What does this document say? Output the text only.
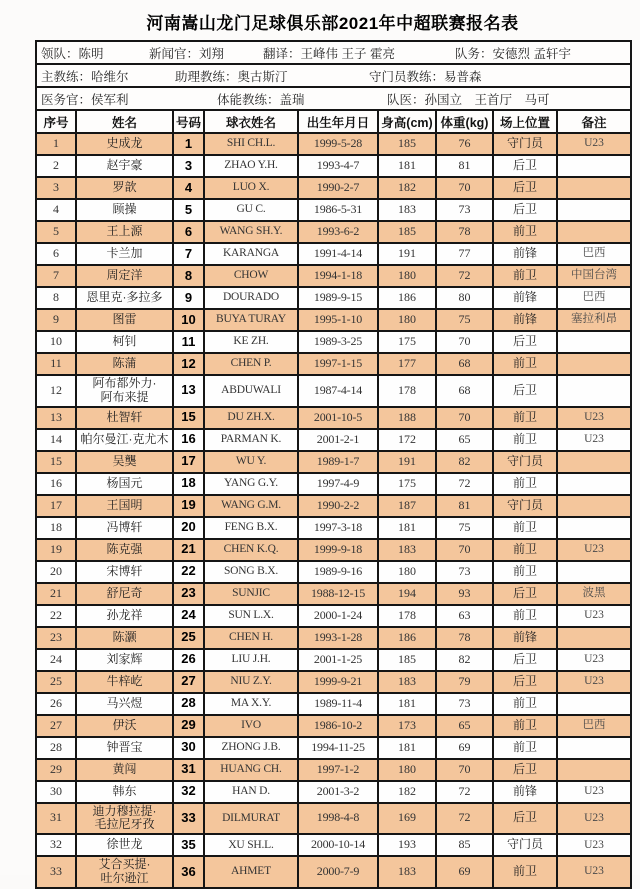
河南嵩山龙门足球俱乐部2021年中超联赛报名表
领队：陈明 新闻官：刘翔 翻译：王峰伟 王子 霍亮 队务：安德烈 孟轩宇								

主教练：哈维尔 助理教练：奥古斯汀 守门员教练：易普森								

医务官：侯军利 体能教练：盖瑞 队医：孙国立　王首厅　马可								

序号	姓名	号码	球衣姓名	出生年月日	身高(cm)	体重(kg)	场上位置	备注
1	史成龙	1	SHI CH.L.	1999-5-28	185	76	守门员	U23
2	赵宇豪	3	ZHAO Y.H.	1993-4-7	181	81	后卫	
3	罗歆	4	LUO X.	1990-2-7	182	70	后卫	
4	顾操	5	GU C.	1986-5-31	183	73	后卫	
5	王上源	6	WANG SH.Y.	1993-6-2	185	78	前卫	
6	卡兰加	7	KARANGA	1991-4-14	191	77	前锋	巴西
7	周定洋	8	CHOW	1994-1-18	180	72	前卫	中国台湾
8	恩里克·多拉多	9	DOURADO	1989-9-15	186	80	前锋	巴西
9	图雷	10	BUYA TURAY	1995-1-10	180	75	前锋	塞拉利昂
10	柯钊	11	KE ZH.	1989-3-25	175	70	后卫	
11	陈蒲	12	CHEN P.	1997-1-15	177	68	前卫	
12	阿布都外力·阿布来提	13	ABDUWALI	1987-4-14	178	68	后卫	
13	杜智轩	15	DU ZH.X.	2001-10-5	188	70	前卫	U23
14	帕尔曼江·克尤木	16	PARMAN K.	2001-2-1	172	65	前卫	U23
15	吴龑	17	WU Y.	1989-1-7	191	82	守门员	
16	杨国元	18	YANG G.Y.	1997-4-9	175	72	前卫	
17	王国明	19	WANG G.M.	1990-2-2	187	81	守门员	
18	冯博轩	20	FENG B.X.	1997-3-18	181	75	前卫	
19	陈克强	21	CHEN K.Q.	1999-9-18	183	70	前卫	U23
20	宋博轩	22	SONG B.X.	1989-9-16	180	73	前卫	
21	舒尼奇	23	SUNJIC	1988-12-15	194	93	后卫	波黑
22	孙龙祥	24	SUN L.X.	2000-1-24	178	63	前卫	U23
23	陈灏	25	CHEN H.	1993-1-28	186	78	前锋	
24	刘家辉	26	LIU J.H.	2001-1-25	185	82	后卫	U23
25	牛梓屹	27	NIU Z.Y.	1999-9-21	183	79	后卫	U23
26	马兴煜	28	MA X.Y.	1989-11-4	181	73	前卫	
27	伊沃	29	IVO	1986-10-2	173	65	前卫	巴西
28	钟晋宝	30	ZHONG J.B.	1994-11-25	181	69	前卫	
29	黄闯	31	HUANG CH.	1997-1-2	180	70	后卫	
30	韩东	32	HAN D.	2001-3-2	182	72	前锋	U23
31	迪力穆拉提·毛拉尼牙孜	33	DILMURAT	1998-4-8	169	72	后卫	U23
32	徐世龙	35	XU SH.L.	2000-10-14	193	85	守门员	U23
33	艾合买提·吐尔逊江	36	AHMET	2000-7-9	183	69	前卫	U23
